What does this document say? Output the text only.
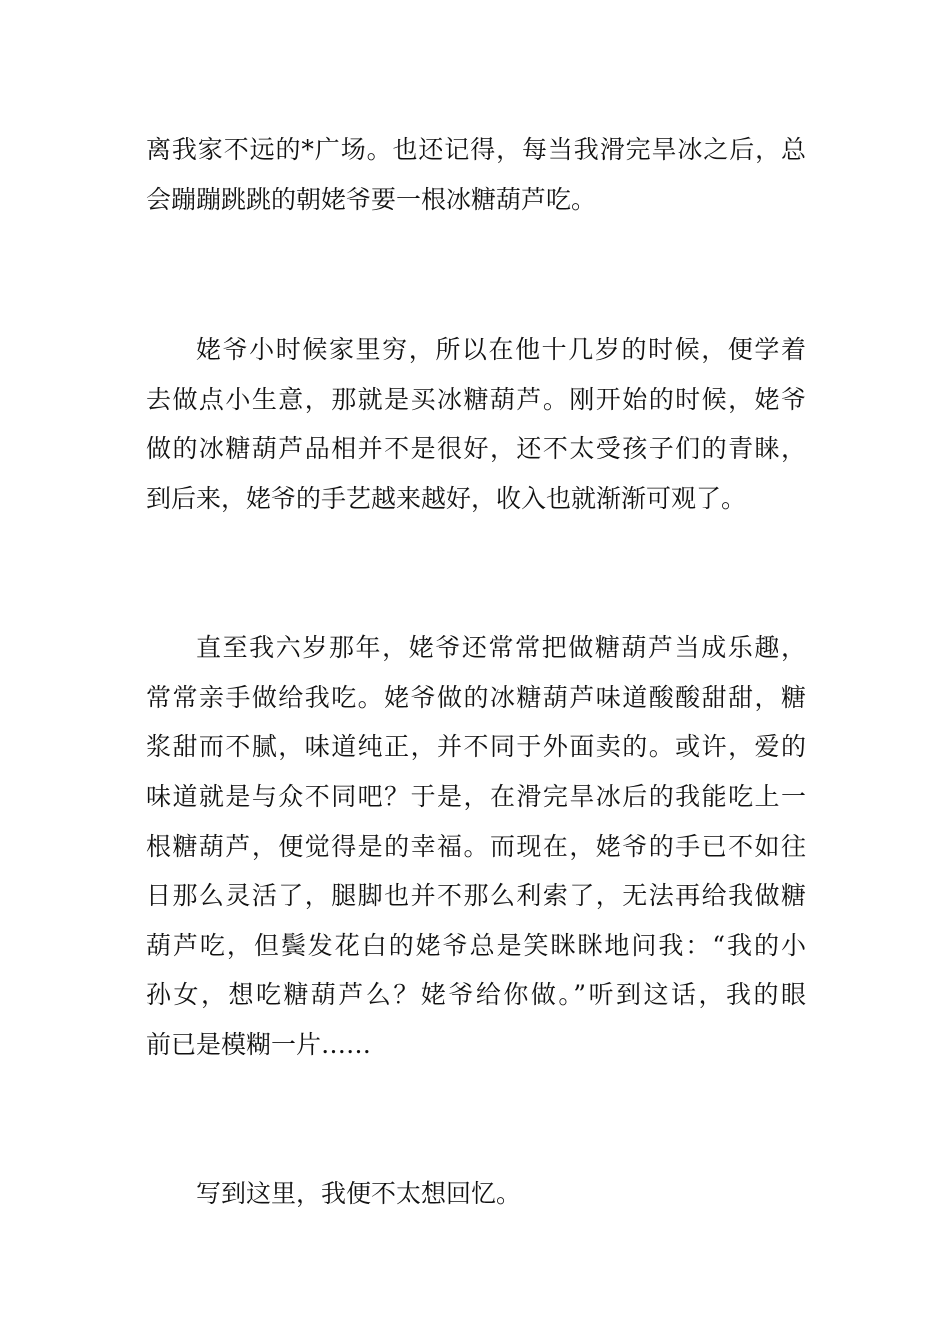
离我家不远的*广场。也还记得，每当我滑完旱冰之后，总
会蹦蹦跳跳的朝姥爷要一根冰糖葫芦吃。
姥爷小时候家里穷，所以在他十几岁的时候，便学着
去做点小生意，那就是买冰糖葫芦。刚开始的时候，姥爷
做的冰糖葫芦品相并不是很好，还不太受孩子们的青睐，
到后来，姥爷的手艺越来越好，收入也就渐渐可观了。
直至我六岁那年，姥爷还常常把做糖葫芦当成乐趣，
常常亲手做给我吃。姥爷做的冰糖葫芦味道酸酸甜甜，糖
浆甜而不腻，味道纯正，并不同于外面卖的。或许，爱的
味道就是与众不同吧？于是，在滑完旱冰后的我能吃上一
根糖葫芦，便觉得是的幸福。而现在，姥爷的手已不如往
日那么灵活了，腿脚也并不那么利索了，无法再给我做糖
葫芦吃，但鬓发花白的姥爷总是笑眯眯地问我：“我的小
孙女，想吃糖葫芦么？姥爷给你做。”听到这话，我的眼
前已是模糊一片……
写到这里，我便不太想回忆。
